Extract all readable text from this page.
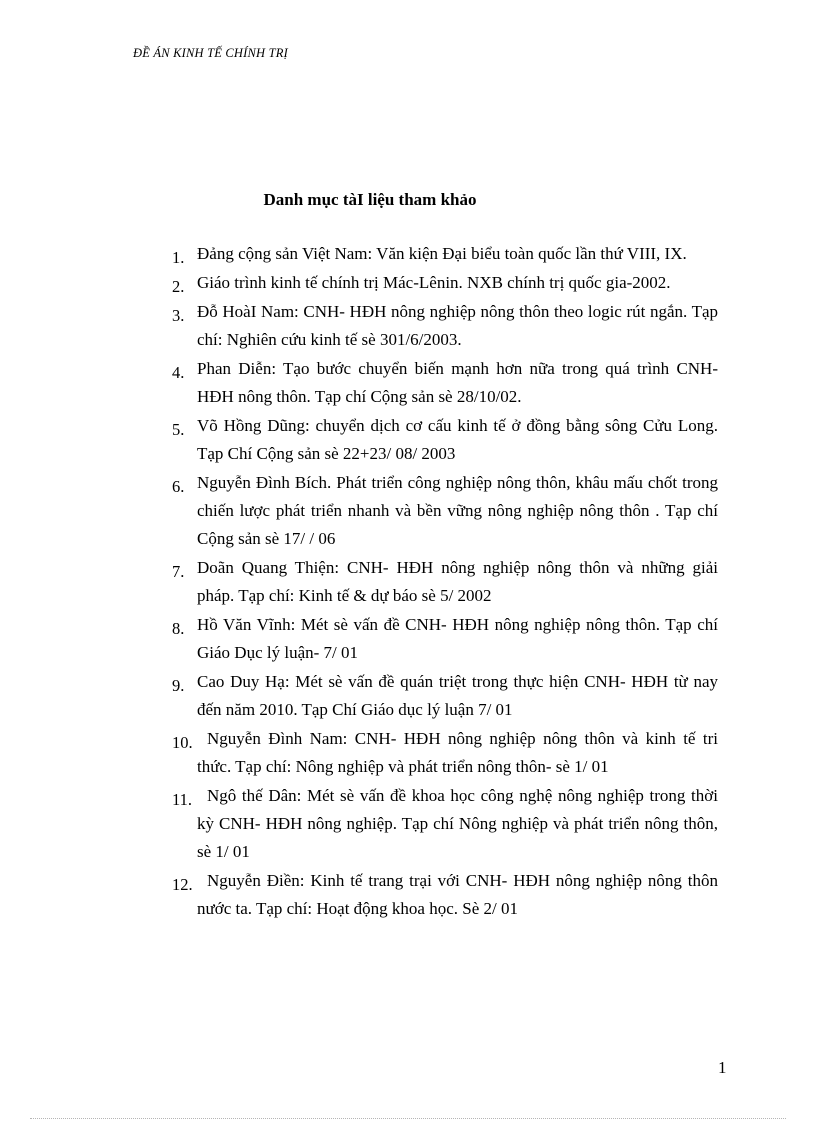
ĐỀ ÁN KINH TẾ CHÍNH TRỊ
Danh mục tàI liệu tham khảo
1. Đảng cộng sản Việt Nam: Văn kiện Đại biểu toàn quốc lần thứ VIII, IX.
2. Giáo trình kinh tế chính trị Mác-Lênin. NXB chính trị quốc gia-2002.
3. Đỗ HoàI Nam: CNH- HĐH nông nghiệp nông thôn theo logic rút ngắn. Tạp chí: Nghiên cứu kinh tế sè 301/6/2003.
4. Phan Diễn: Tạo bước chuyển biến mạnh hơn nữa trong quá trình CNH- HĐH nông thôn. Tạp chí Cộng sản sè 28/10/02.
5. Võ Hồng Dũng: chuyển dịch cơ cấu kinh tế ở đồng bằng sông Cửu Long. Tạp Chí Cộng sản sè 22+23/ 08/ 2003
6. Nguyễn Đình Bích. Phát triển công nghiệp nông thôn, khâu mấu chốt trong chiến lược phát triển nhanh và bền vững nông nghiệp nông thôn . Tạp chí Cộng sản sè 17/ / 06
7. Doãn Quang Thiện: CNH- HĐH nông nghiệp nông thôn và những giải pháp. Tạp chí: Kinh tế & dự báo sè 5/ 2002
8. Hồ Văn Vĩnh: Mét sè vấn đề CNH- HĐH nông nghiệp nông thôn. Tạp chí Giáo Dục lý luận- 7/ 01
9. Cao Duy Hạ: Mét sè vấn đề quán triệt trong thực hiện CNH- HĐH từ nay đến năm 2010. Tạp Chí Giáo dục lý luận 7/ 01
10. Nguyễn Đình Nam: CNH- HĐH nông nghiệp nông thôn và kinh tế tri thức. Tạp chí: Nông nghiệp và phát triển nông thôn- sè 1/ 01
11. Ngô thế Dân: Mét sè vấn đề khoa học công nghệ nông nghiệp trong thời kỳ CNH- HĐH nông nghiệp. Tạp chí Nông nghiệp và phát triển nông thôn, sè 1/ 01
12. Nguyễn Điền: Kinh tế trang trại với CNH- HĐH nông nghiệp nông thôn nước ta. Tạp chí: Hoạt động khoa học. Sè 2/ 01
1
